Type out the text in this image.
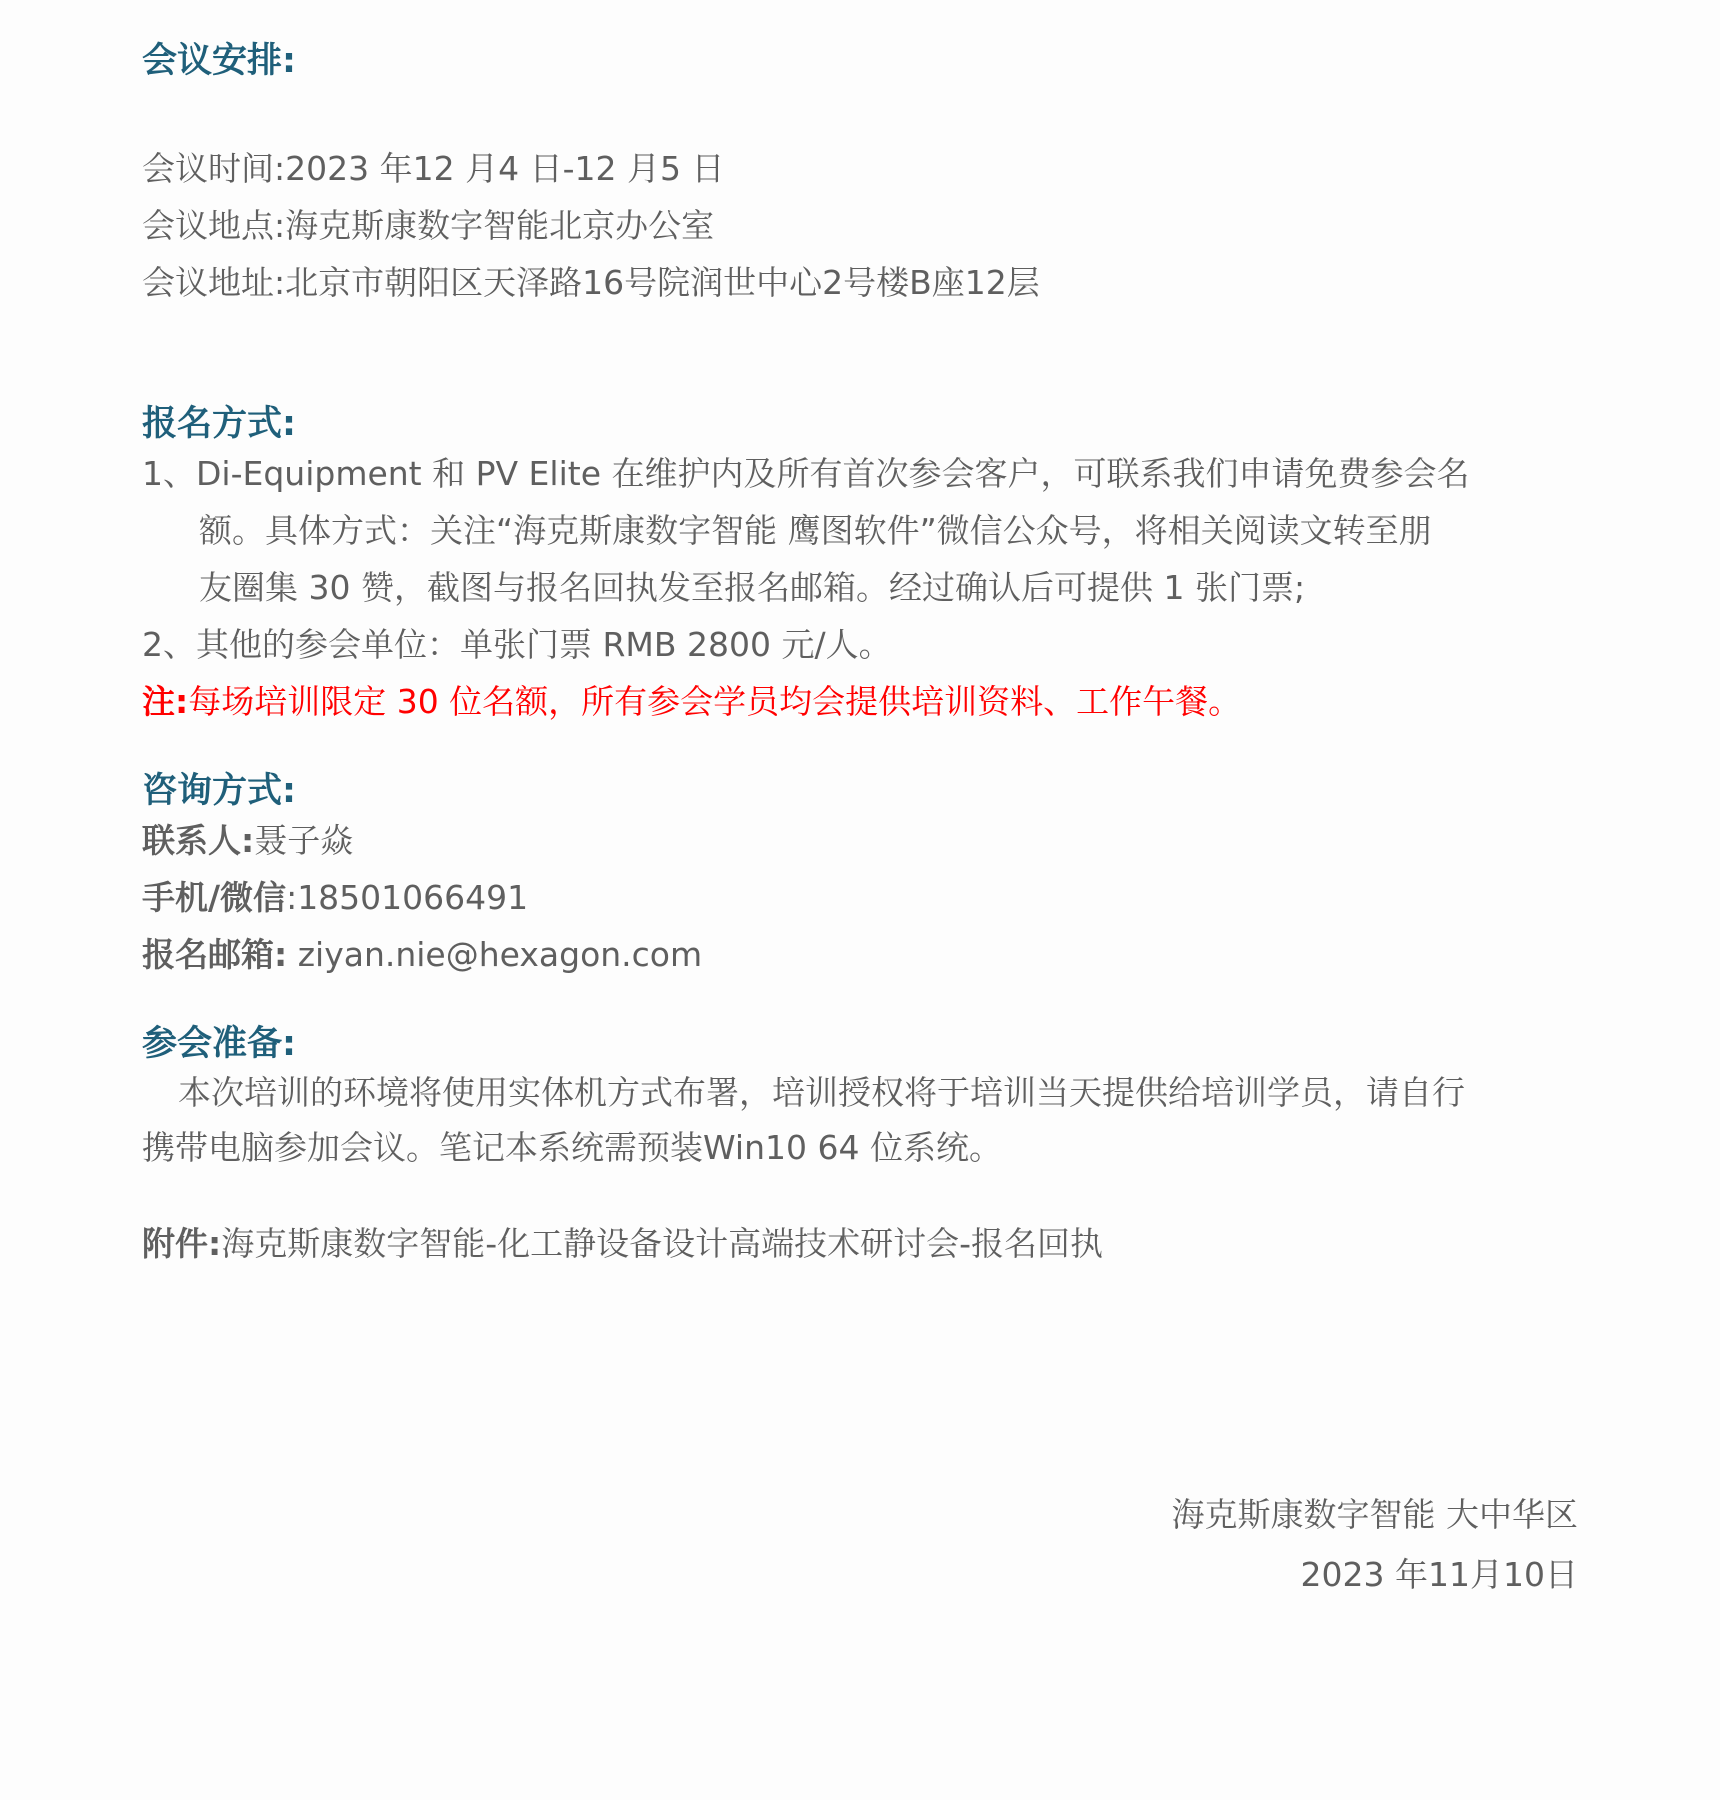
会议安排:

会议时间:2023 年12 月4 日-12 月5 日

会议地点:海克斯康数字智能北京办公室

会议地址:北京市朝阳区天泽路16号院润世中心2号楼B座12层

报名方式:

1、Di-Equipment 和 PV Elite 在维护内及所有首次参会客户，可联系我们申请免费参会名

额。具体方式：关注“海克斯康数字智能 鹰图软件”微信公众号，将相关阅读文转至朋

友圈集 30 赞，截图与报名回执发至报名邮箱。经过确认后可提供 1 张门票;

2、其他的参会单位：单张门票 RMB 2800 元/人。

注:每场培训限定 30 位名额，所有参会学员均会提供培训资料、工作午餐。

咨询方式:

联系人:聂子焱

手机/微信:18501066491

报名邮箱: ziyan.nie@hexagon.com

参会准备:

本次培训的环境将使用实体机方式布署，培训授权将于培训当天提供给培训学员，请自行
携带电脑参加会议。笔记本系统需预装Win10 64 位系统。

附件:海克斯康数字智能-化工静设备设计高端技术研讨会-报名回执

海克斯康数字智能 大中华区

2023 年11月10日
